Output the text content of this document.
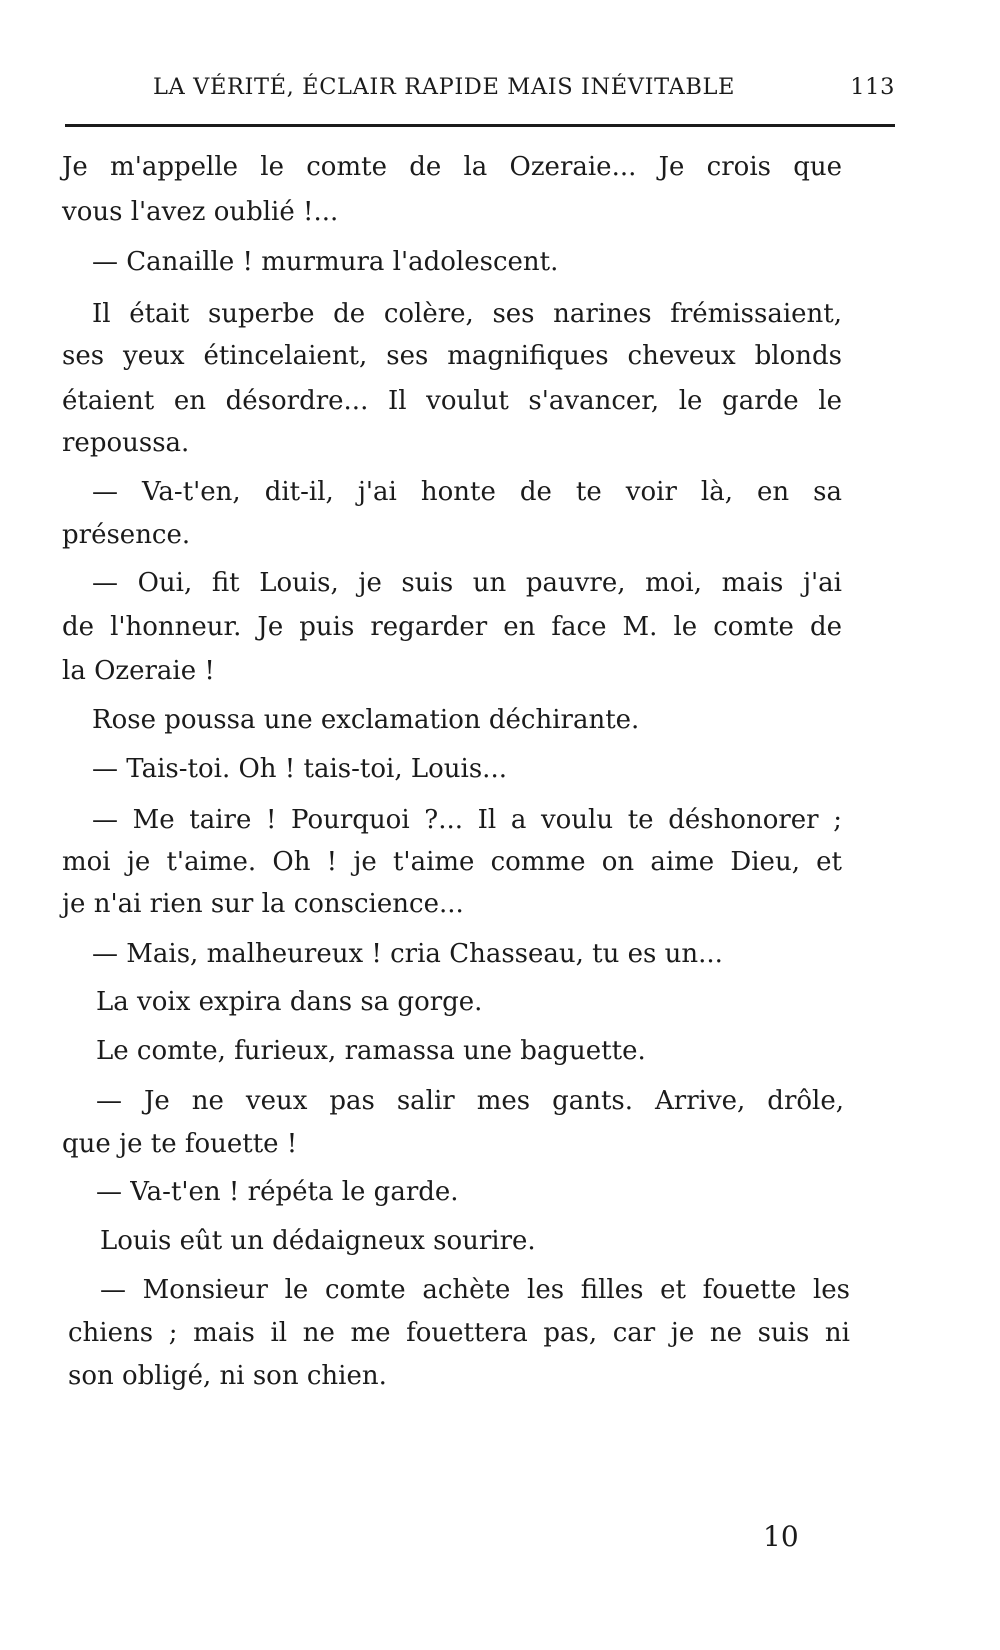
LA VÉRITÉ, ÉCLAIR RAPIDE MAIS INÉVITABLE	113
Je m'appelle le comte de la Ozeraie... Je crois que
vous l'avez oublié !...
— Canaille ! murmura l'adolescent.
Il était superbe de colère, ses narines frémissaient,
ses yeux étincelaient, ses magnifiques cheveux blonds
étaient en désordre... Il voulut s'avancer, le garde le
repoussa.
— Va-t'en, dit-il, j'ai honte de te voir là, en sa
présence.
— Oui, fit Louis, je suis un pauvre, moi, mais j'ai
de l'honneur. Je puis regarder en face M. le comte de
la Ozeraie !
Rose poussa une exclamation déchirante.
— Tais-toi. Oh ! tais-toi, Louis...
— Me taire ! Pourquoi ?... Il a voulu te déshonorer ;
moi je t'aime. Oh ! je t'aime comme on aime Dieu, et
je n'ai rien sur la conscience...
— Mais, malheureux ! cria Chasseau, tu es un...
La voix expira dans sa gorge.
Le comte, furieux, ramassa une baguette.
— Je ne veux pas salir mes gants. Arrive, drôle,
que je te fouette !
— Va-t'en ! répéta le garde.
Louis eût un dédaigneux sourire.
— Monsieur le comte achète les filles et fouette les
chiens ; mais il ne me fouettera pas, car je ne suis ni
son obligé, ni son chien.
10
